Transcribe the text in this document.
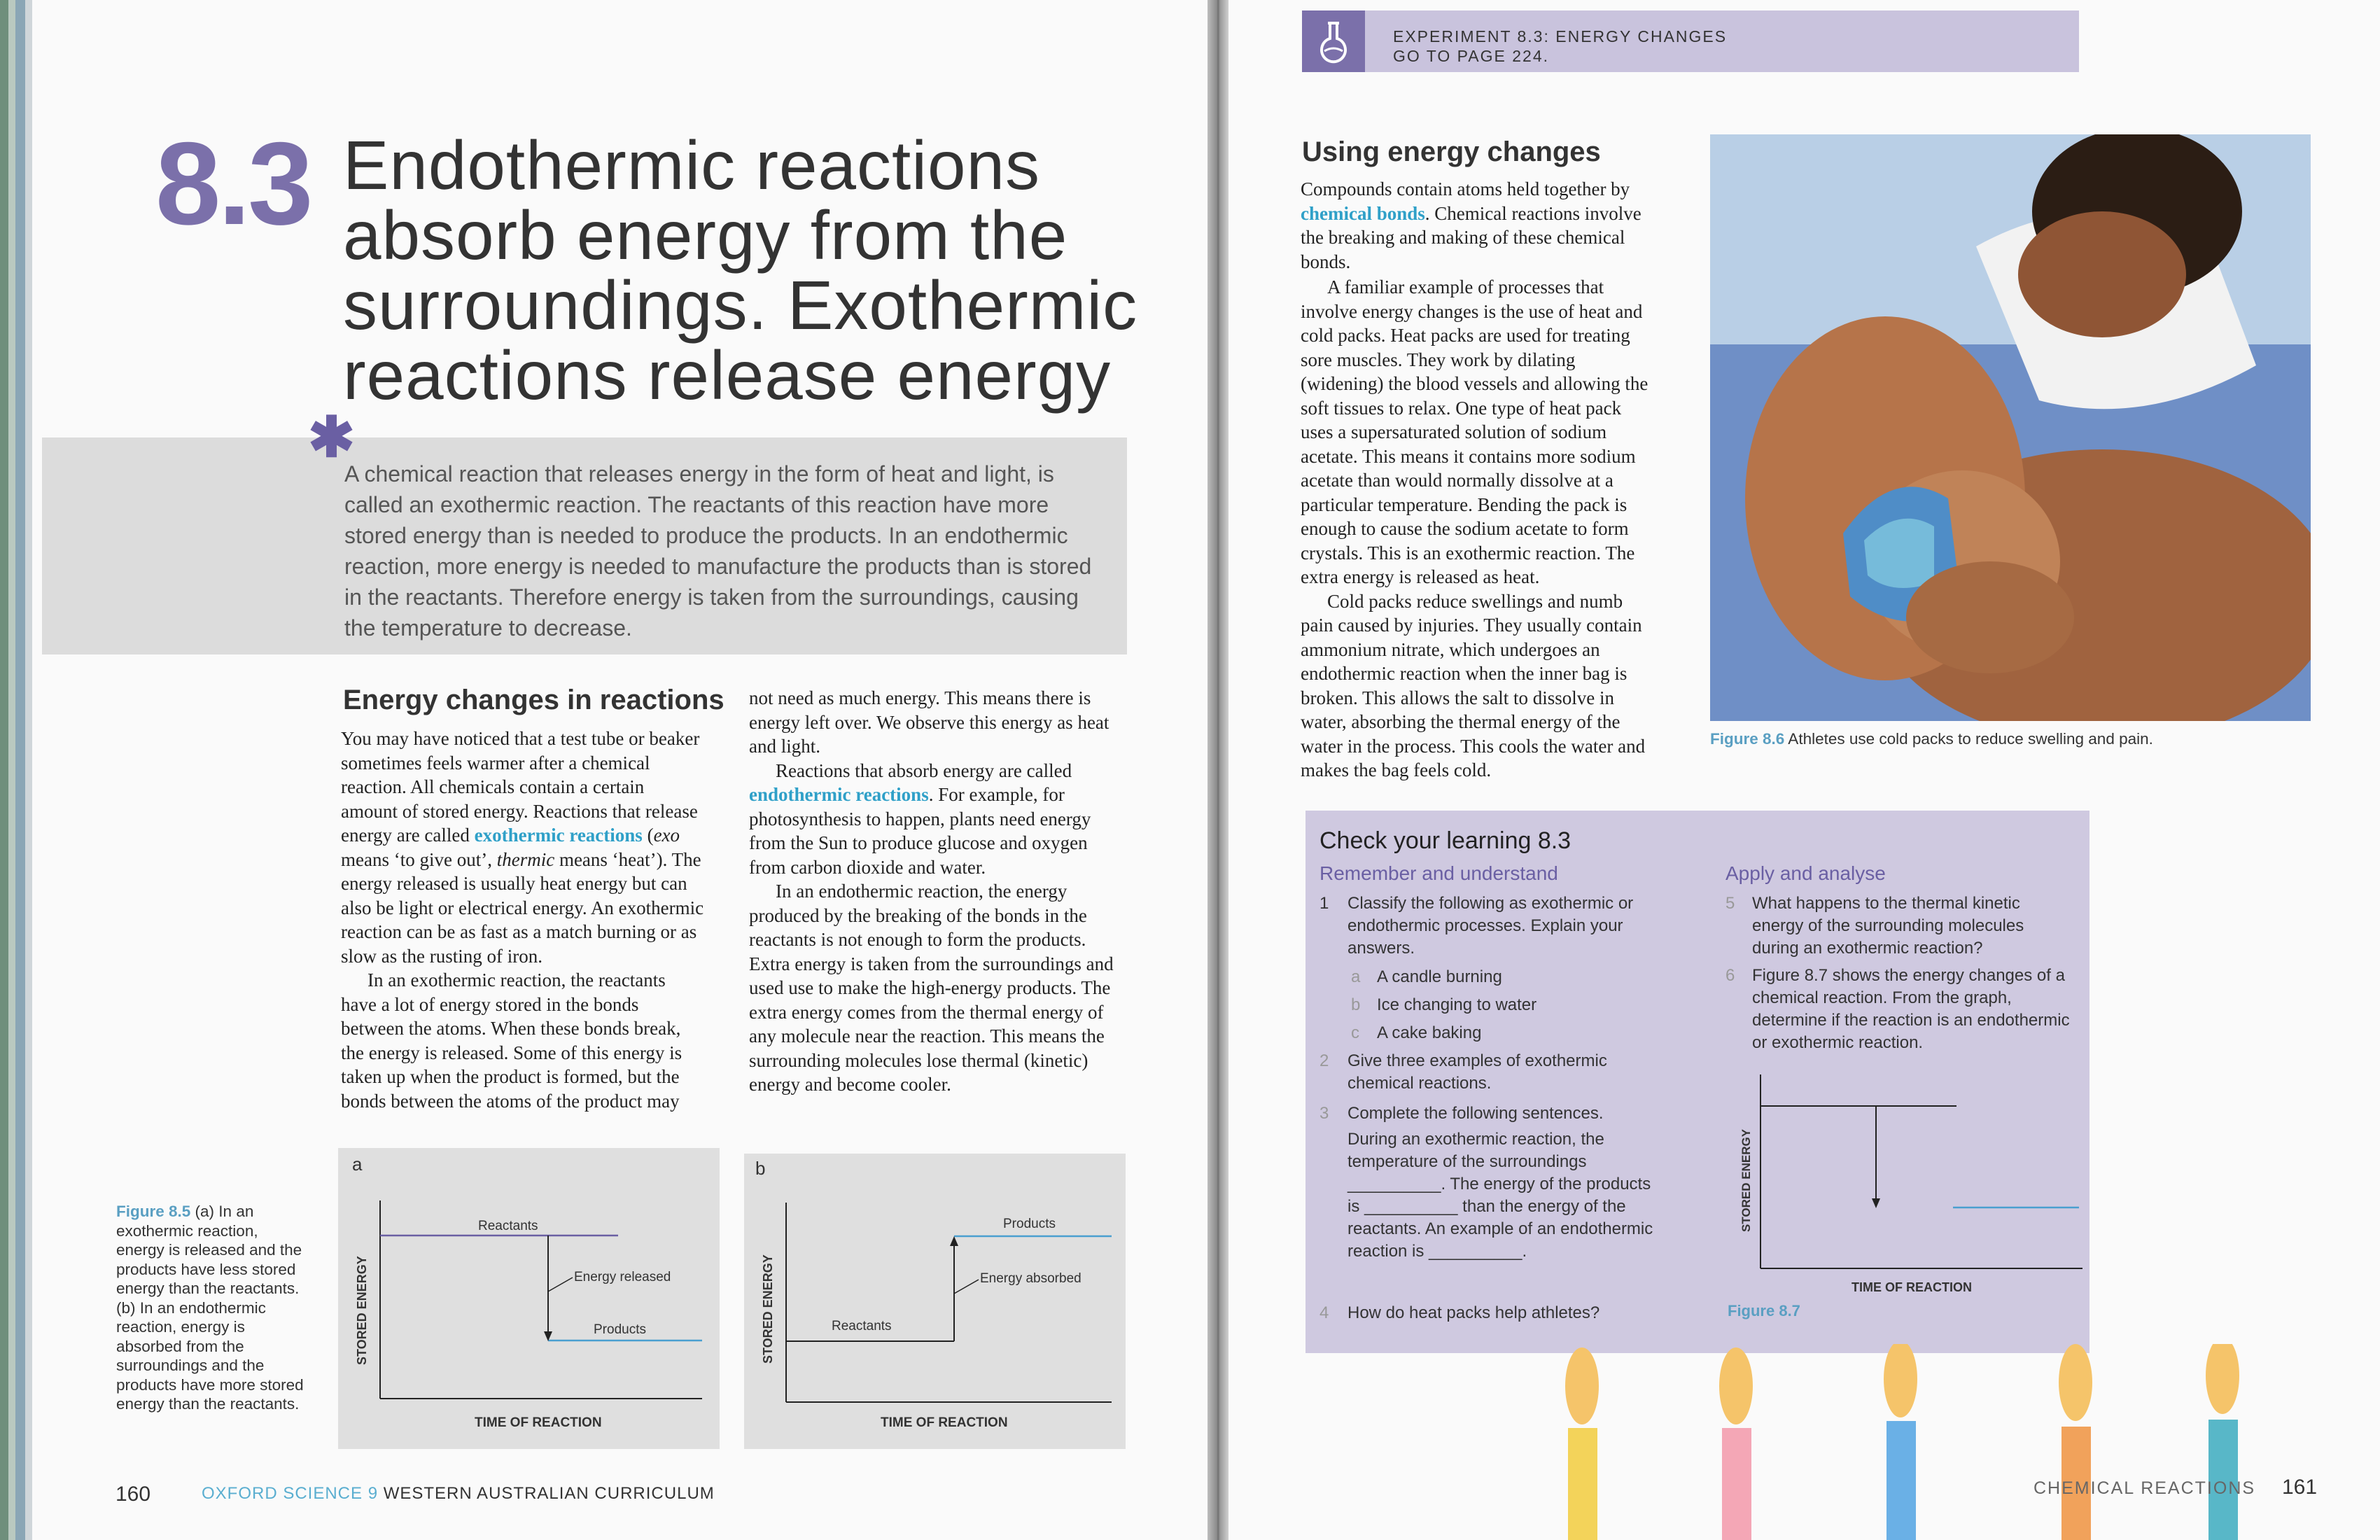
8.3 Endothermic reactions
absorb energy from the
surroundings. Exothermic
reactions release energy
✱
A chemical reaction that releases energy in the form of heat and light, is called an exothermic reaction. The reactants of this reaction have more stored energy than is needed to produce the products. In an endothermic reaction, more energy is needed to manufacture the products than is stored in the reactants. Therefore energy is taken from the surroundings, causing the temperature to decrease.
Energy changes in reactions

You may have noticed that a test tube or beaker sometimes feels warmer after a chemical reaction. All chemicals contain a certain amount of stored energy. Reactions that release energy are called exothermic reactions (exo means ‘to give out’, thermic means ‘heat’). The energy released is usually heat energy but can also be light or electrical energy. An exothermic reaction can be as fast as a match burning or as slow as the rusting of iron.

In an exothermic reaction, the reactants have a lot of energy stored in the bonds between the atoms. When these bonds break, the energy is released. Some of this energy is taken up when the product is formed, but the bonds between the atoms of the product may

not need as much energy. This means there is energy left over. We observe this energy as heat and light.

Reactions that absorb energy are called endothermic reactions. For example, for photosynthesis to happen, plants need energy from the Sun to produce glucose and oxygen from carbon dioxide and water.

In an endothermic reaction, the energy produced by the breaking of the bonds in the reactants is not enough to form the products. Extra energy is taken from the surroundings and used use to make the high-energy products. The extra energy comes from the thermal energy of any molecule near the reaction. This means the surrounding molecules lose thermal (kinetic) energy and become cooler.

a
Reactants
Energy released
Products
STORED ENERGY
TIME OF REACTION
b
Reactants
Energy absorbed
Products
STORED ENERGY
TIME OF REACTION
Figure 8.5 (a) In an exothermic reaction, energy is released and the products have less stored energy than the reactants. (b) In an endothermic reaction, energy is absorbed from the surroundings and the products have more stored energy than the reactants.
160	OXFORD SCIENCE 9 WESTERN AUSTRALIAN CURRICULUM
EXPERIMENT 8.3: ENERGY CHANGES
GO TO PAGE 224.
Using energy changes
Compounds contain atoms held together by chemical bonds. Chemical reactions involve the breaking and making of these chemical bonds.

A familiar example of processes that involve energy changes is the use of heat and cold packs. Heat packs are used for treating sore muscles. They work by dilating (widening) the blood vessels and allowing the soft tissues to relax. One type of heat pack uses a supersaturated solution of sodium acetate. This means it contains more sodium acetate than would normally dissolve at a particular temperature. Bending the pack is enough to cause the sodium acetate to form crystals. This is an exothermic reaction. The extra energy is released as heat.

Cold packs reduce swellings and numb pain caused by injuries. They usually contain ammonium nitrate, which undergoes an endothermic reaction when the inner bag is broken. This allows the salt to dissolve in water, absorbing the thermal energy of the water in the process. This cools the water and makes the bag feels cold.

Figure 8.6 Athletes use cold packs to reduce swelling and pain.
Check your learning 8.3
Remember and understand	Apply and analyse
1	Classify the following as exothermic or endothermic processes. Explain your answers.
a A candle burning
b Ice changing to water
c A cake baking
2 Give three examples of exothermic chemical reactions.
3 Complete the following sentences.
During an exothermic reaction, the temperature of the surroundings __________. The energy of the products is __________ than the energy of the reactants. An example of an endothermic reaction is __________.
4 How do heat packs help athletes?
5 What happens to the thermal kinetic energy of the surrounding molecules during an exothermic reaction?
6 Figure 8.7 shows the energy changes of a chemical reaction. From the graph, determine if the reaction is an endothermic or exothermic reaction.
STORED ENERGY
TIME OF REACTION
Figure 8.7
CHEMICAL REACTIONS 161
